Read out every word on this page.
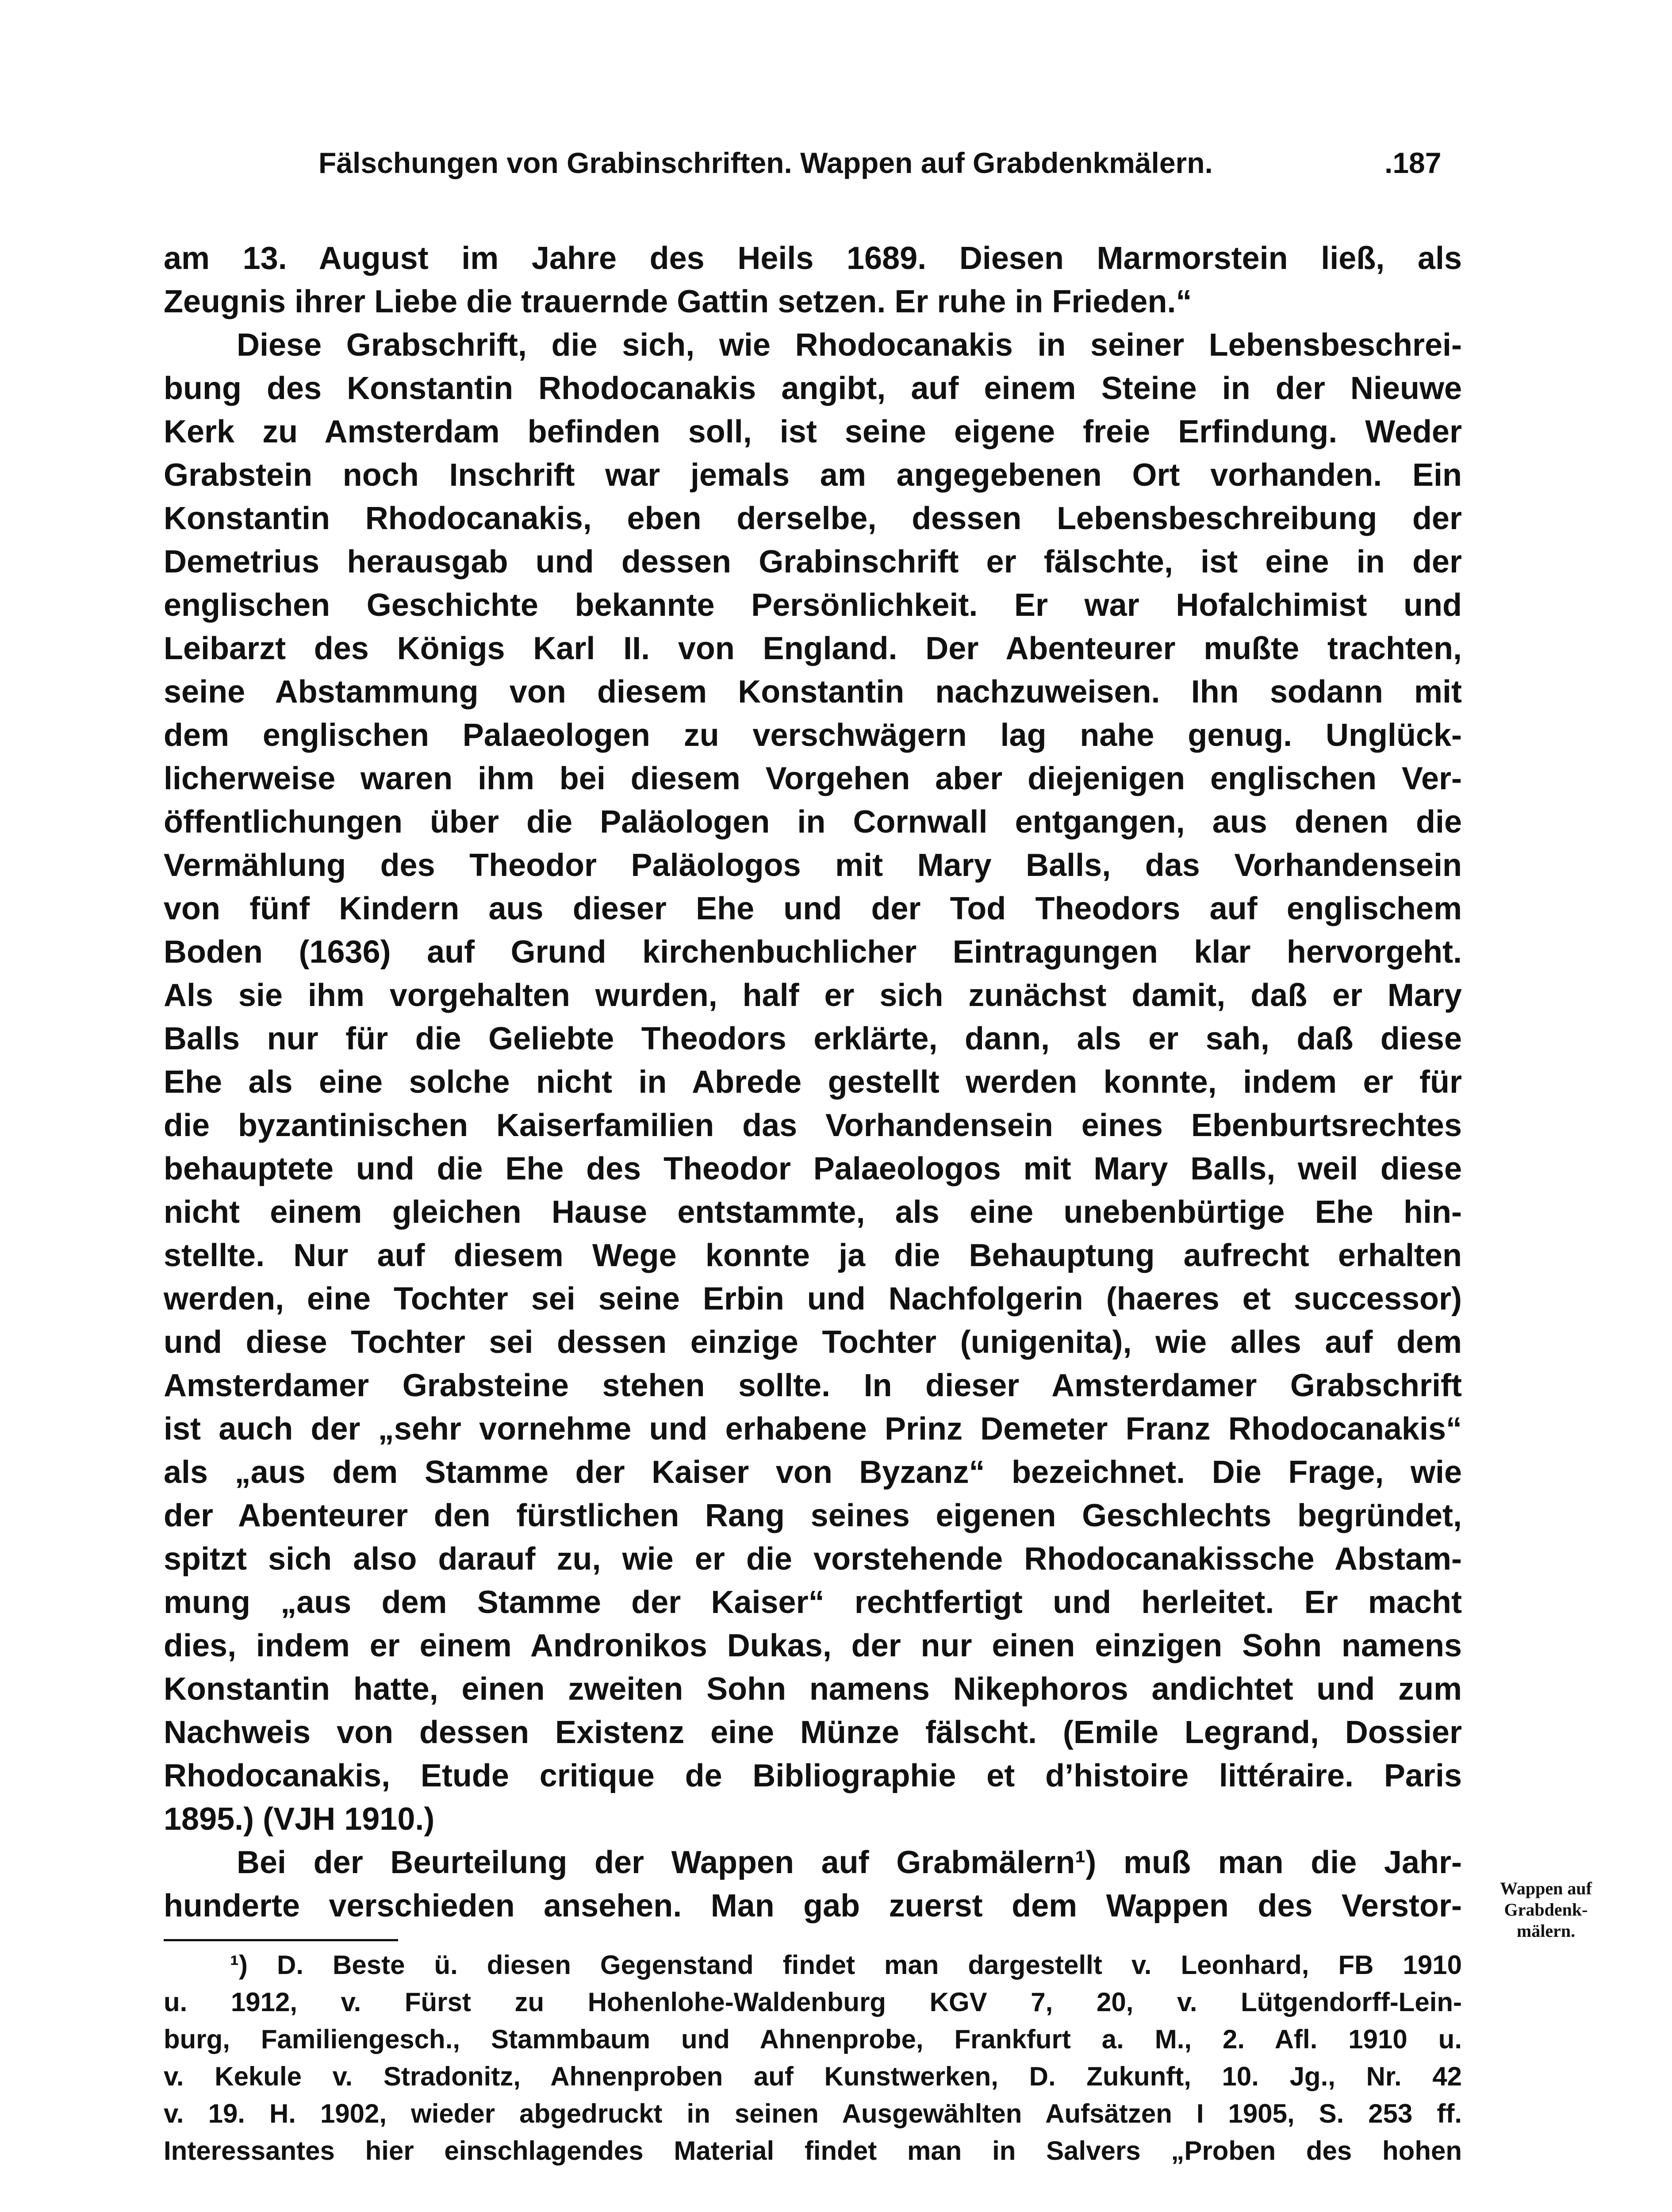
Fälschungen von Grabinschriften. Wappen auf Grabdenkmälern.	.187
am 13. August im Jahre des Heils 1689. Diesen Marmorstein ließ, als
Zeugnis ihrer Liebe die trauernde Gattin setzen. Er ruhe in Frieden.“
Diese Grabschrift, die sich, wie Rhodocanakis in seiner Lebensbeschrei-
bung des Konstantin Rhodocanakis angibt, auf einem Steine in der Nieuwe
Kerk zu Amsterdam befinden soll, ist seine eigene freie Erfindung. Weder
Grabstein noch Inschrift war jemals am angegebenen Ort vorhanden. Ein
Konstantin Rhodocanakis, eben derselbe, dessen Lebensbeschreibung der
Demetrius herausgab und dessen Grabinschrift er fälschte, ist eine in der
englischen Geschichte bekannte Persönlichkeit. Er war Hofalchimist und
Leibarzt des Königs Karl II. von England. Der Abenteurer mußte trachten,
seine Abstammung von diesem Konstantin nachzuweisen. Ihn sodann mit
dem englischen Palaeologen zu verschwägern lag nahe genug. Unglück-
licherweise waren ihm bei diesem Vorgehen aber diejenigen englischen Ver-
öffentlichungen über die Paläologen in Cornwall entgangen, aus denen die
Vermählung des Theodor Paläologos mit Mary Balls, das Vorhandensein
von fünf Kindern aus dieser Ehe und der Tod Theodors auf englischem
Boden (1636) auf Grund kirchenbuchlicher Eintragungen klar hervorgeht.
Als sie ihm vorgehalten wurden, half er sich zunächst damit, daß er Mary
Balls nur für die Geliebte Theodors erklärte, dann, als er sah, daß diese
Ehe als eine solche nicht in Abrede gestellt werden konnte, indem er für
die byzantinischen Kaiserfamilien das Vorhandensein eines Ebenburtsrechtes
behauptete und die Ehe des Theodor Palaeologos mit Mary Balls, weil diese
nicht einem gleichen Hause entstammte, als eine unebenbürtige Ehe hin-
stellte. Nur auf diesem Wege konnte ja die Behauptung aufrecht erhalten
werden, eine Tochter sei seine Erbin und Nachfolgerin (haeres et successor)
und diese Tochter sei dessen einzige Tochter (unigenita), wie alles auf dem
Amsterdamer Grabsteine stehen sollte. In dieser Amsterdamer Grabschrift
ist auch der „sehr vornehme und erhabene Prinz Demeter Franz Rhodocanakis“
als „aus dem Stamme der Kaiser von Byzanz“ bezeichnet. Die Frage, wie
der Abenteurer den fürstlichen Rang seines eigenen Geschlechts begründet,
spitzt sich also darauf zu, wie er die vorstehende Rhodocanakissche Abstam-
mung „aus dem Stamme der Kaiser“ rechtfertigt und herleitet. Er macht
dies, indem er einem Andronikos Dukas, der nur einen einzigen Sohn namens
Konstantin hatte, einen zweiten Sohn namens Nikephoros andichtet und zum
Nachweis von dessen Existenz eine Münze fälscht. (Emile Legrand, Dossier
Rhodocanakis, Etude critique de Bibliographie et d’histoire littéraire. Paris
1895.) (VJH 1910.)
Bei der Beurteilung der Wappen auf Grabmälern¹) muß man die Jahr-
hunderte verschieden ansehen. Man gab zuerst dem Wappen des Verstor-	Wappen auf
Grabdenk-
mälern.
¹) D. Beste ü. diesen Gegenstand findet man dargestellt v. Leonhard, FB 1910
u. 1912, v. Fürst zu Hohenlohe-Waldenburg KGV 7, 20, v. Lütgendorff-Lein-
burg, Familiengesch., Stammbaum und Ahnenprobe, Frankfurt a. M., 2. Afl. 1910 u.
v. Kekule v. Stradonitz, Ahnenproben auf Kunstwerken, D. Zukunft, 10. Jg., Nr. 42
v. 19. H. 1902, wieder abgedruckt in seinen Ausgewählten Aufsätzen I 1905, S. 253 ff.
Interessantes hier einschlagendes Material findet man in Salvers „Proben des hohen
